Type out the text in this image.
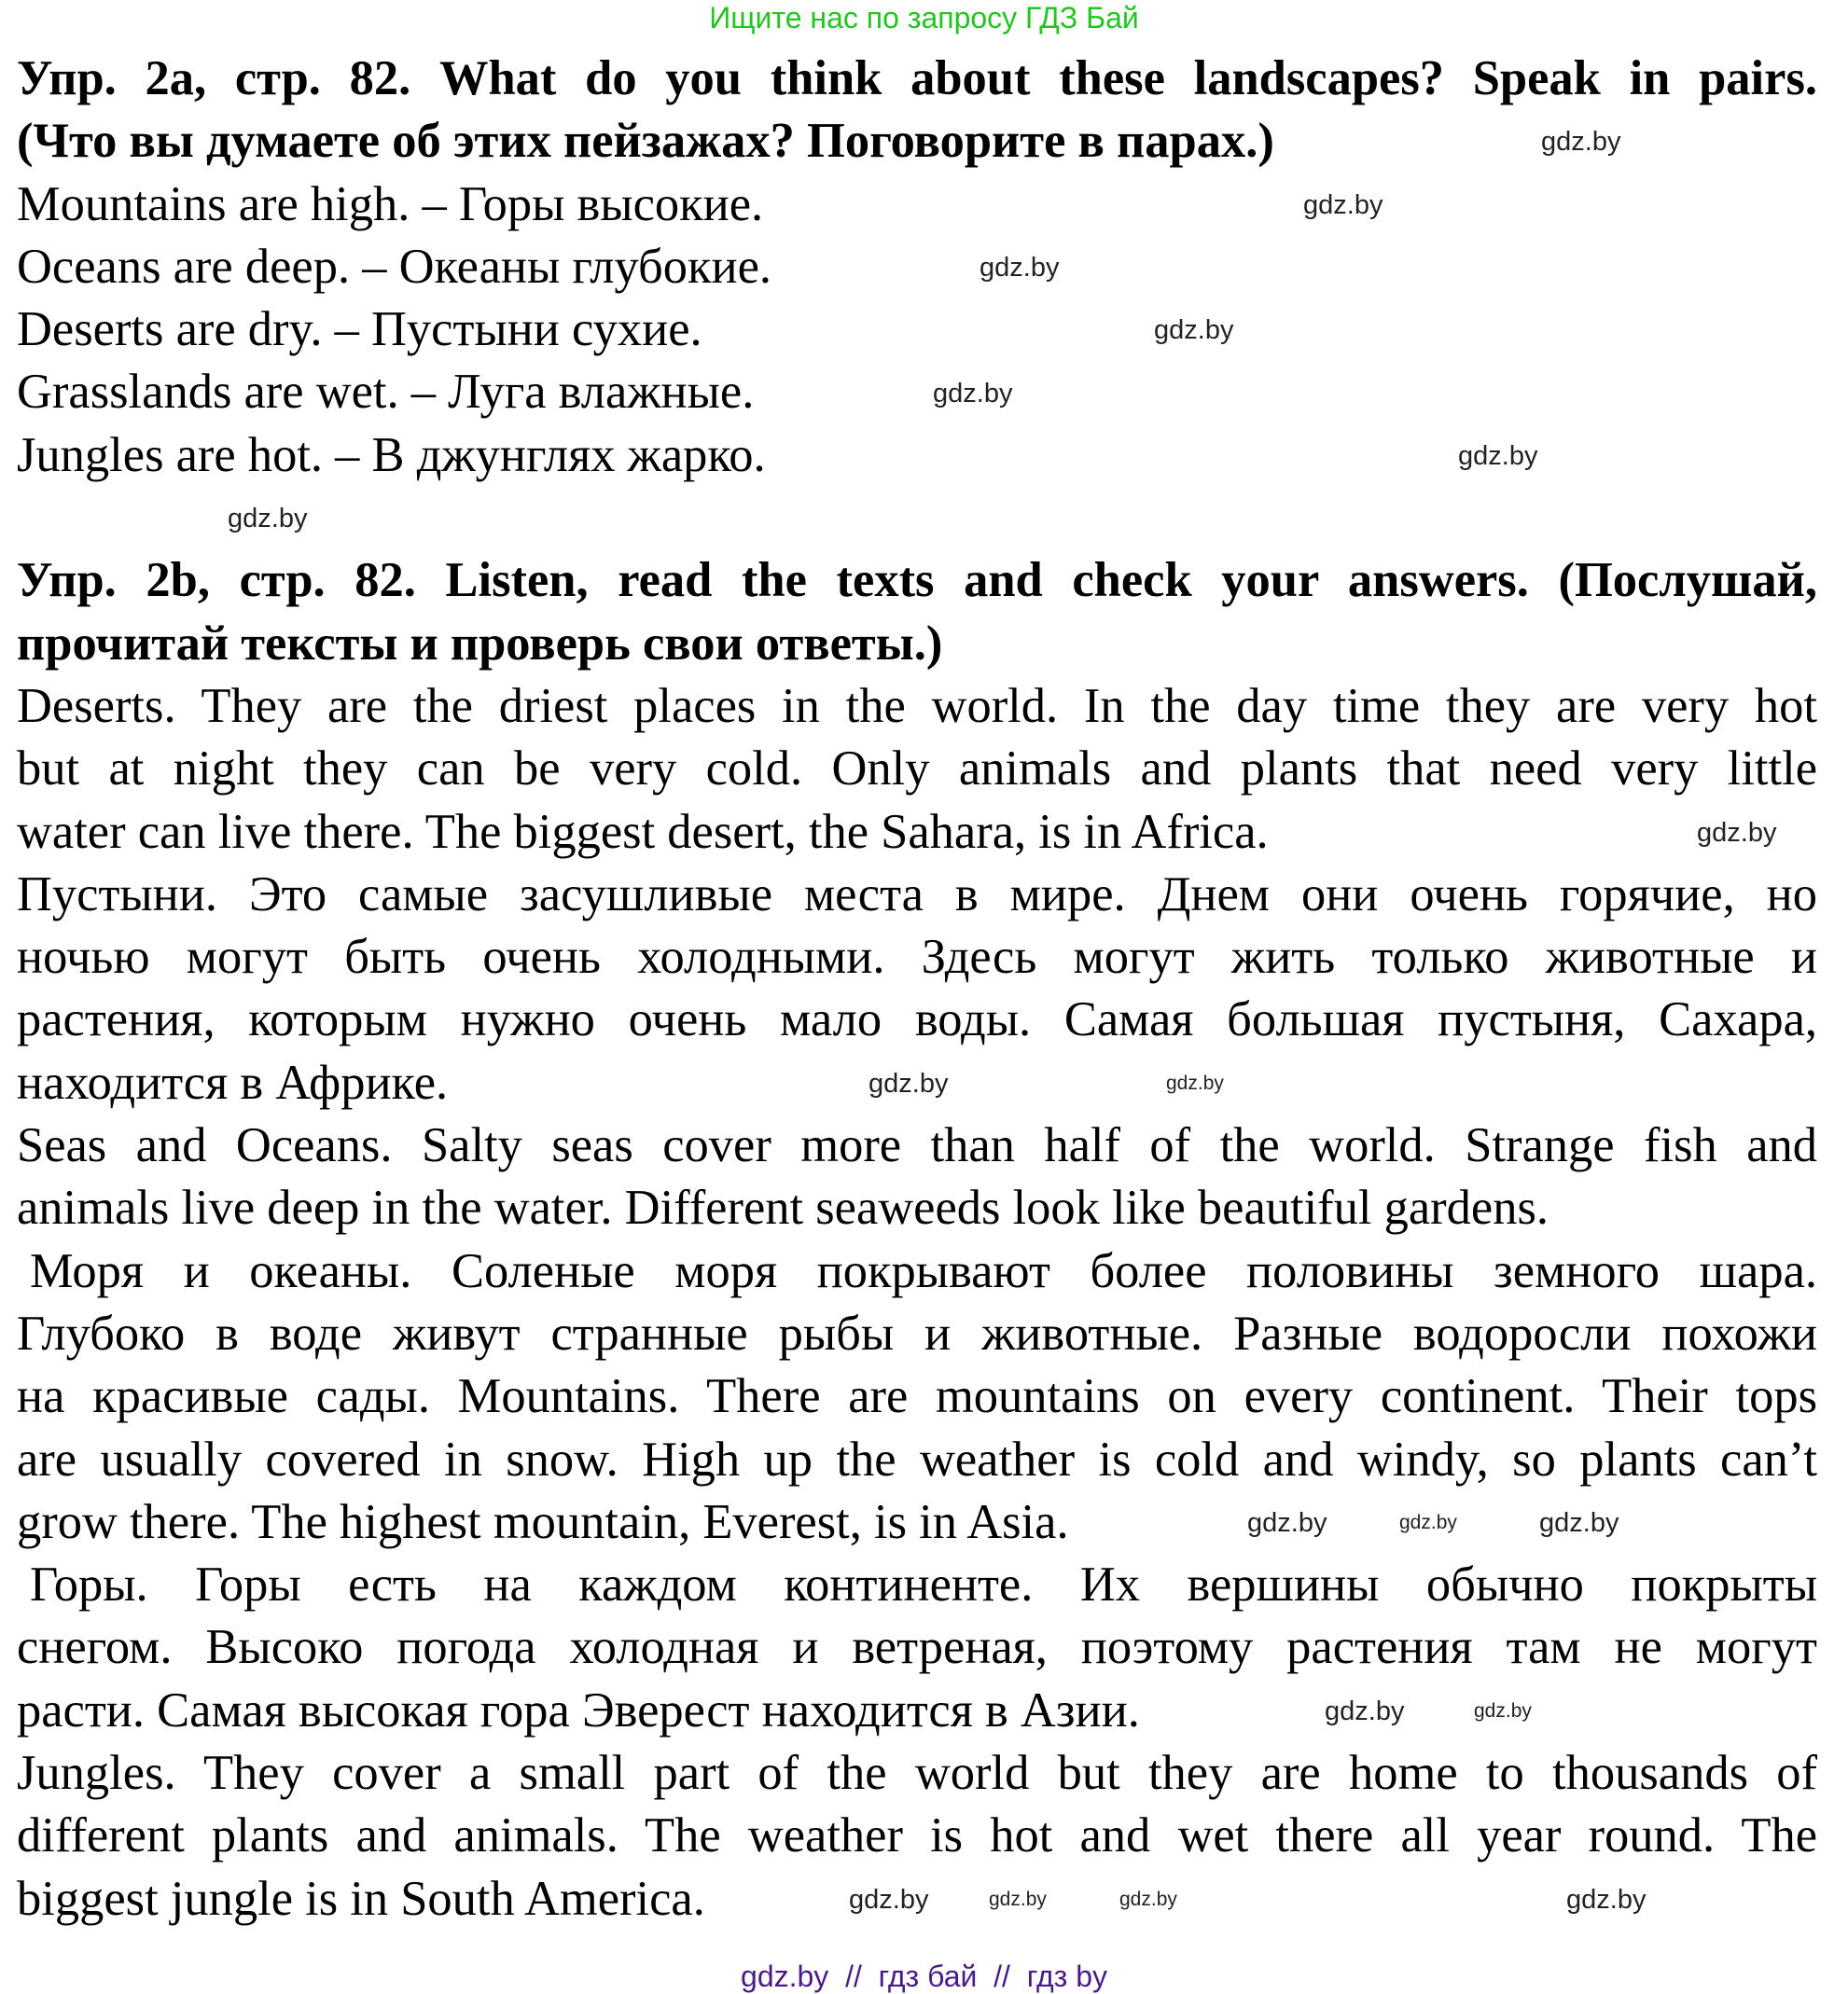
Ищите нас по запросу ГДЗ Бай
Упр. 2a, стр. 82. What do you think about these landscapes? Speak in pairs.
(Что вы думаете об этих пейзажах? Поговорите в парах.)
Mountains are high. – Горы высокие.
Oceans are deep. – Океаны глубокие.
Deserts are dry. – Пустыни сухие.
Grasslands are wet. – Луга влажные.
Jungles are hot. – В джунглях жарко.
Упр. 2b, стр. 82. Listen, read the texts and check your answers. (Послушай,
прочитай тексты и проверь свои ответы.)
Deserts. They are the driest places in the world. In the day time they are very hot
but at night they can be very cold. Only animals and plants that need very little
water can live there. The biggest desert, the Sahara, is in Africa.
Пустыни. Это самые засушливые места в мире. Днем они очень горячие, но
ночью могут быть очень холодными. Здесь могут жить только животные и
растения, которым нужно очень мало воды. Самая большая пустыня, Сахара,
находится в Африке.
Seas and Oceans. Salty seas cover more than half of the world. Strange fish and
animals live deep in the water. Different seaweeds look like beautiful gardens.
Моря и океаны. Соленые моря покрывают более половины земного шара.
Глубоко в воде живут странные рыбы и животные. Разные водоросли похожи
на красивые сады. Mountains. There are mountains on every continent. Their tops
are usually covered in snow. High up the weather is cold and windy, so plants can’t
grow there. The highest mountain, Everest, is in Asia.
Горы. Горы есть на каждом континенте. Их вершины обычно покрыты
снегом. Высоко погода холодная и ветреная, поэтому растения там не могут
расти. Самая высокая гора Эверест находится в Азии.
Jungles. They cover a small part of the world but they are home to thousands of
different plants and animals. The weather is hot and wet there all year round. The
biggest jungle is in South America.
gdz.by
gdz.by
gdz.by
gdz.by
gdz.by
gdz.by
gdz.by
gdz.by
gdz.by
gdz.by
gdz.by	gdz.by
gdz.by
gdz.by
gdz.by
gdz.by
gdz.by
gdz.by	gdz.by
gdz.by  //  гдз бай  //  гдз by
